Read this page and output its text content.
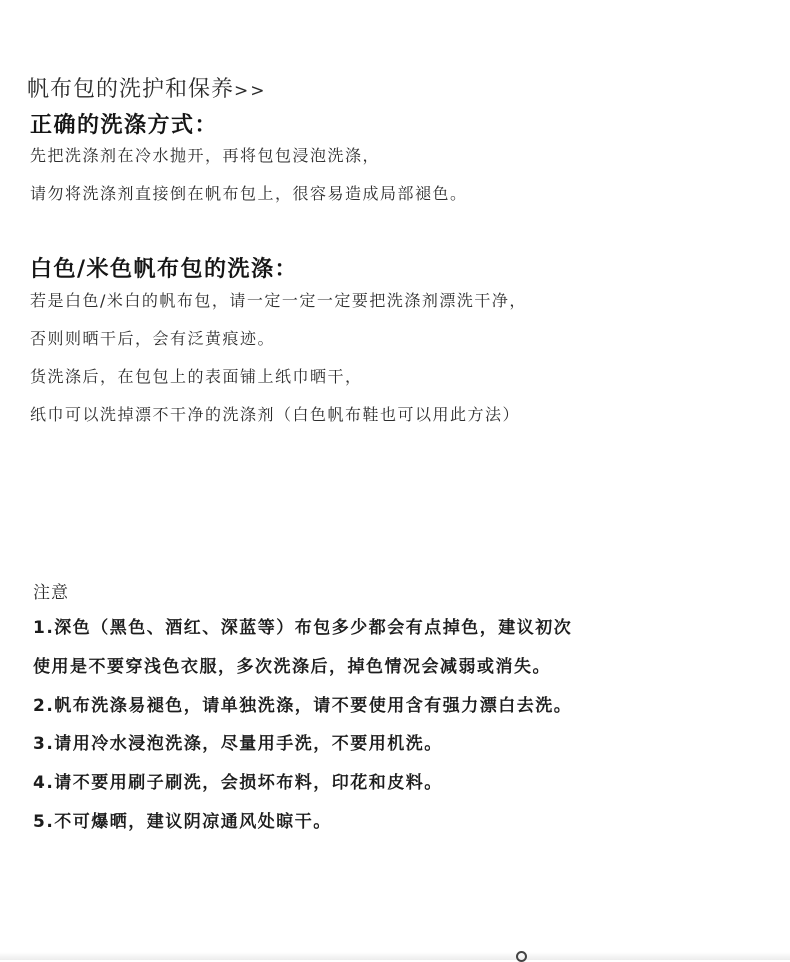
帆布包的洗护和保养>>
正确的洗涤方式：
先把洗涤剂在冷水抛开，再将包包浸泡洗涤，
请勿将洗涤剂直接倒在帆布包上，很容易造成局部褪色。
白色/米色帆布包的洗涤：
若是白色/米白的帆布包，请一定一定一定要把洗涤剂漂洗干净，
否则则晒干后，会有泛黄痕迹。
货洗涤后，在包包上的表面铺上纸巾晒干，
纸巾可以洗掉漂不干净的洗涤剂（白色帆布鞋也可以用此方法）
注意
1.深色（黑色、酒红、深蓝等）布包多少都会有点掉色，建议初次
使用是不要穿浅色衣服，多次洗涤后，掉色情况会减弱或消失。
2.帆布洗涤易褪色，请单独洗涤，请不要使用含有强力漂白去洗。
3.请用冷水浸泡洗涤，尽量用手洗，不要用机洗。
4.请不要用刷子刷洗，会损坏布料，印花和皮料。
5.不可爆晒，建议阴凉通风处晾干。
